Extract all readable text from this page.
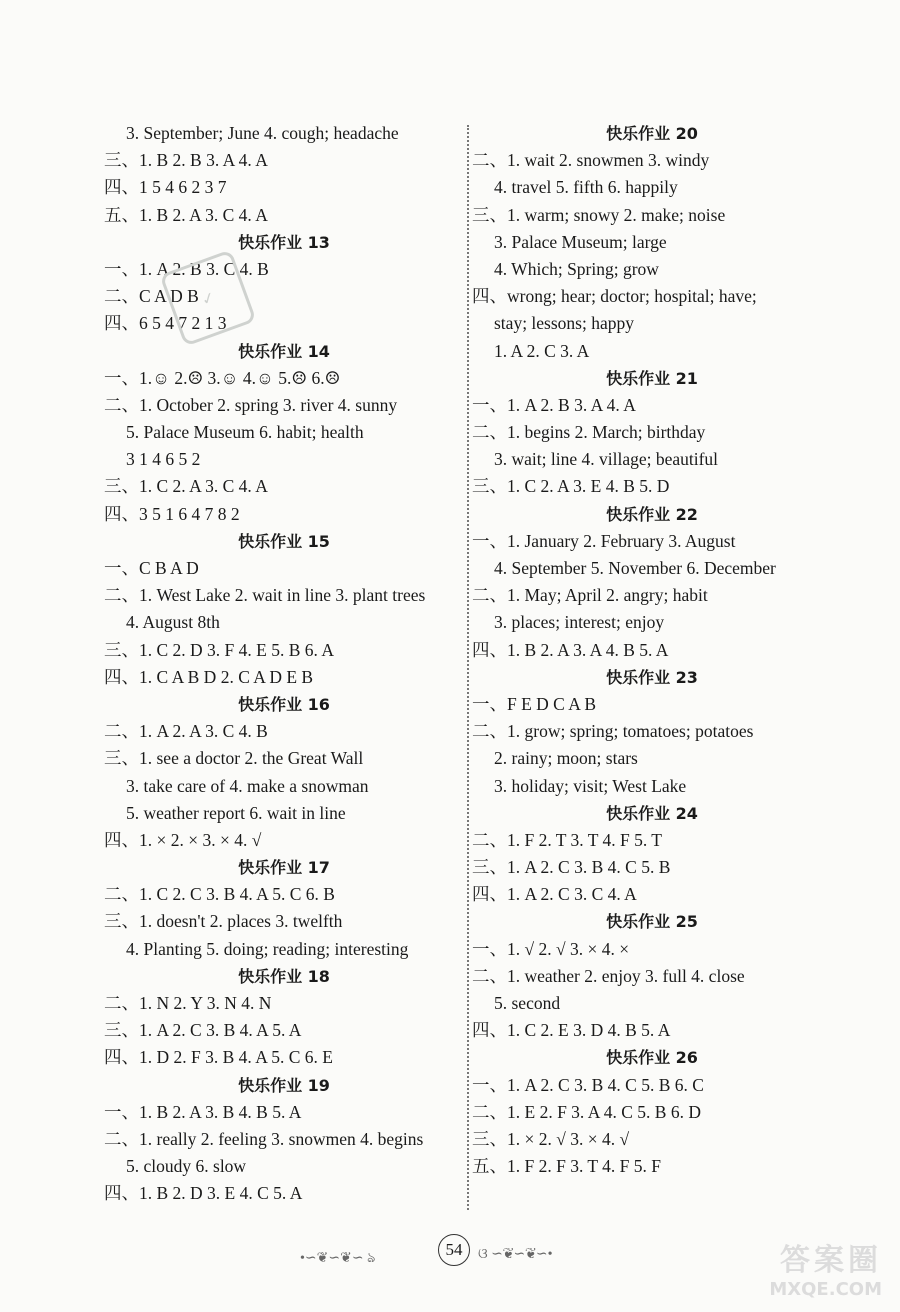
3. September; June 4. cough; headache
三、1. B 2. B 3. A 4. A
四、1 5 4 6 2 3 7
五、1. B 2. A 3. C 4. A
快乐作业 13
一、1. A 2. B 3. C 4. B
二、C A D B
四、6 5 4 7 2 1 3
快乐作业 14
一、1.☺ 2.☹ 3.☺ 4.☺ 5.☹ 6.☹
二、1. October 2. spring 3. river 4. sunny
5. Palace Museum 6. habit; health
3 1 4 6 5 2
三、1. C 2. A 3. C 4. A
四、3 5 1 6 4 7 8 2
快乐作业 15
一、C B A D
二、1. West Lake 2. wait in line 3. plant trees
4. August 8th
三、1. C 2. D 3. F 4. E 5. B 6. A
四、1. C A B D 2. C A D E B
快乐作业 16
二、1. A 2. A 3. C 4. B
三、1. see a doctor 2. the Great Wall
3. take care of 4. make a snowman
5. weather report 6. wait in line
四、1. × 2. × 3. × 4. √
快乐作业 17
二、1. C 2. C 3. B 4. A 5. C 6. B
三、1. doesn't 2. places 3. twelfth
4. Planting 5. doing; reading; interesting
快乐作业 18
二、1. N 2. Y 3. N 4. N
三、1. A 2. C 3. B 4. A 5. A
四、1. D 2. F 3. B 4. A 5. C 6. E
快乐作业 19
一、1. B 2. A 3. B 4. B 5. A
二、1. really 2. feeling 3. snowmen 4. begins
5. cloudy 6. slow
四、1. B 2. D 3. E 4. C 5. A
快乐作业 20
二、1. wait 2. snowmen 3. windy
4. travel 5. fifth 6. happily
三、1. warm; snowy 2. make; noise
3. Palace Museum; large
4. Which; Spring; grow
四、wrong; hear; doctor; hospital; have;
stay; lessons; happy
1. A 2. C 3. A
快乐作业 21
一、1. A 2. B 3. A 4. A
二、1. begins 2. March; birthday
3. wait; line 4. village; beautiful
三、1. C 2. A 3. E 4. B 5. D
快乐作业 22
一、1. January 2. February 3. August
4. September 5. November 6. December
二、1. May; April 2. angry; habit
3. places; interest; enjoy
四、1. B 2. A 3. A 4. B 5. A
快乐作业 23
一、F E D C A B
二、1. grow; spring; tomatoes; potatoes
2. rainy; moon; stars
3. holiday; visit; West Lake
快乐作业 24
二、1. F 2. T 3. T 4. F 5. T
三、1. A 2. C 3. B 4. C 5. B
四、1. A 2. C 3. C 4. A
快乐作业 25
一、1. √ 2. √ 3. × 4. ×
二、1. weather 2. enjoy 3. full 4. close
5. second
四、1. C 2. E 3. D 4. B 5. A
快乐作业 26
一、1. A 2. C 3. B 4. C 5. B 6. C
二、1. E 2. F 3. A 4. C 5. B 6. D
三、1. × 2. √ 3. × 4. √
五、1. F 2. F 3. T 4. F 5. F
✓
•∽❦∽❦∽ ঌ	54	ଓ ∽❦∽❦∽•	答案圈
MXQE.COM
